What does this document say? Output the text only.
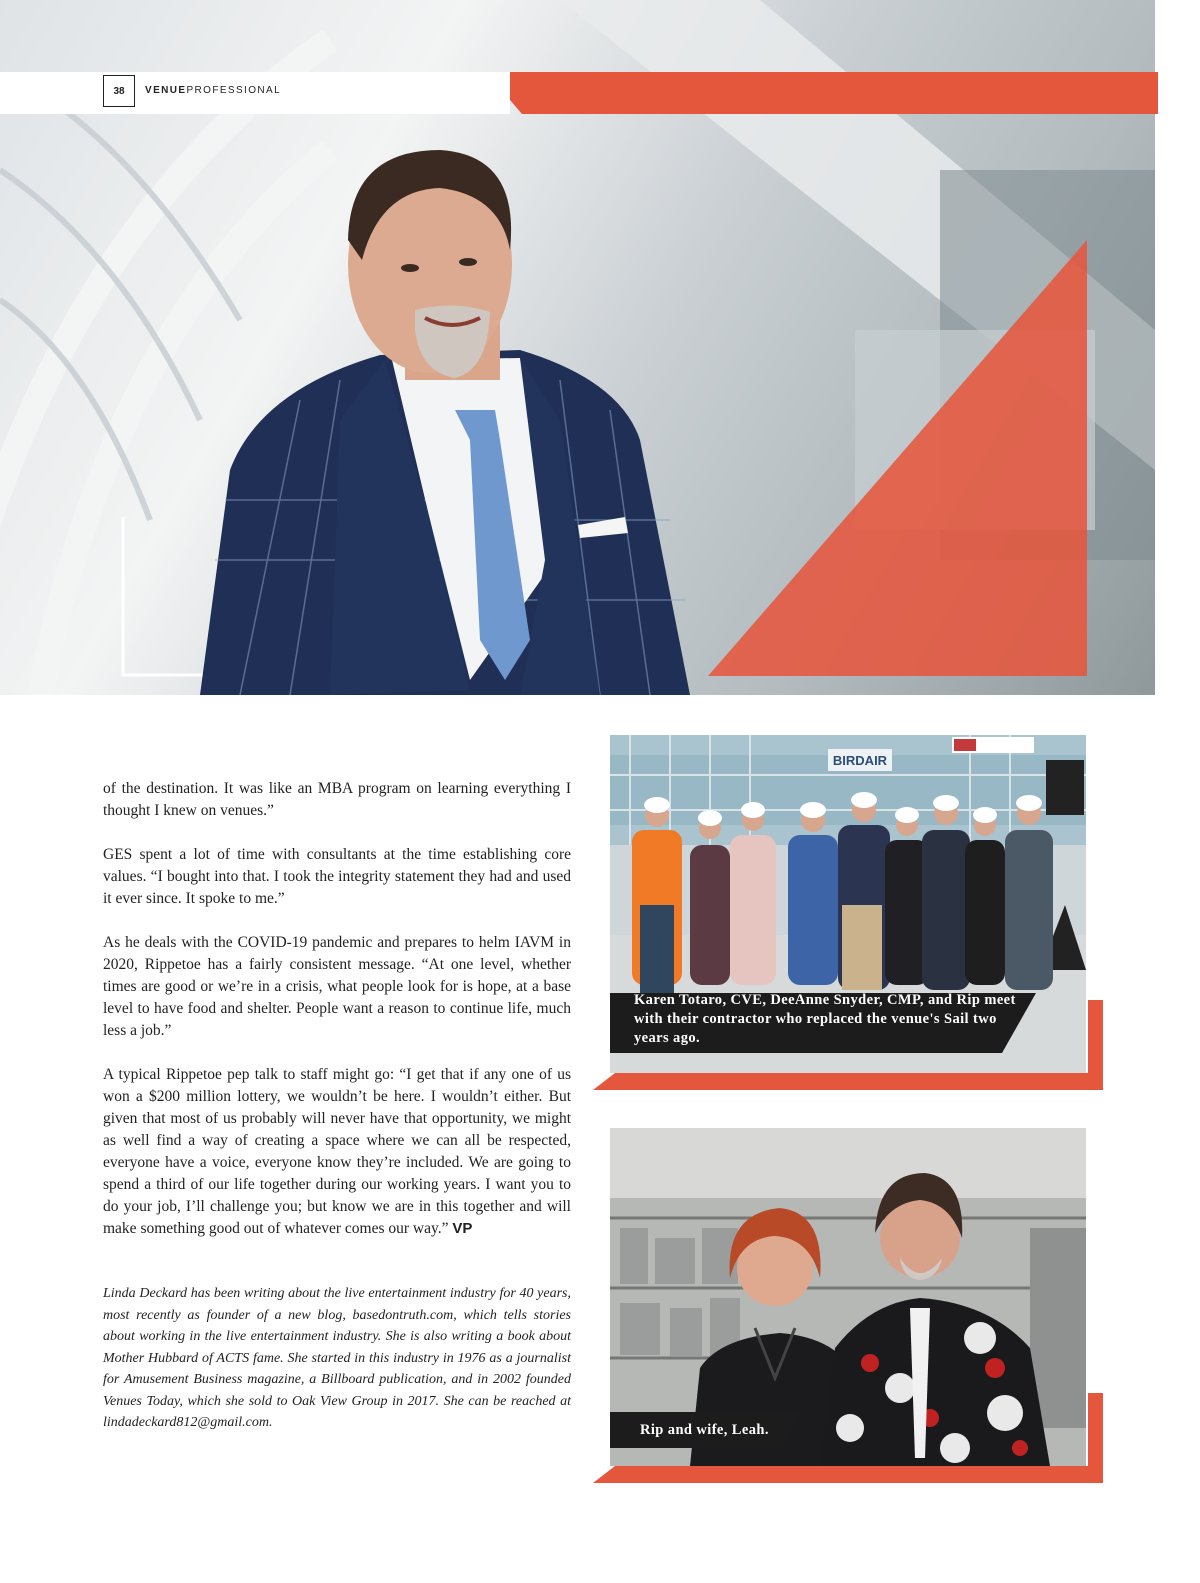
38	VENUEPROFESSIONAL

of the destination. It was like an MBA program on learning everything I thought I knew on venues.”

GES spent a lot of time with consultants at the time establishing core values. “I bought into that. I took the integrity statement they had and used it ever since. It spoke to me.”

As he deals with the COVID-19 pandemic and prepares to helm IAVM in 2020, Rippetoe has a fairly consistent message. “At one level, whether times are good or we’re in a crisis, what people look for is hope, at a base level to have food and shelter. People want a reason to continue life, much less a job.”

A typical Rippetoe pep talk to staff might go: “I get that if any one of us won a $200 million lottery, we wouldn’t be here. I wouldn’t either. But given that most of us probably will never have that opportunity, we might as well find a way of creating a space where we can all be respected, everyone have a voice, everyone know they’re included. We are going to spend a third of our life together during our working years. I want you to do your job, I’ll challenge you; but know we are in this together and will make something good out of whatever comes our way.” VP

Linda Deckard has been writing about the live entertainment industry for 40 years, most recently as founder of a new blog, basedontruth.com, which tells stories about working in the live entertainment industry. She is also writing a book about Mother Hubbard of ACTS fame. She started in this industry in 1976 as a journalist for Amusement Business magazine, a Billboard publication, and in 2002 founded Venues Today, which she sold to Oak View Group in 2017. She can be reached at lindadeckard812@gmail.com.

BIRDAIR
Karen Totaro, CVE, DeeAnne Snyder, CMP, and Rip meet with their contractor who replaced the venue's Sail two years ago.
Rip and wife, Leah.
